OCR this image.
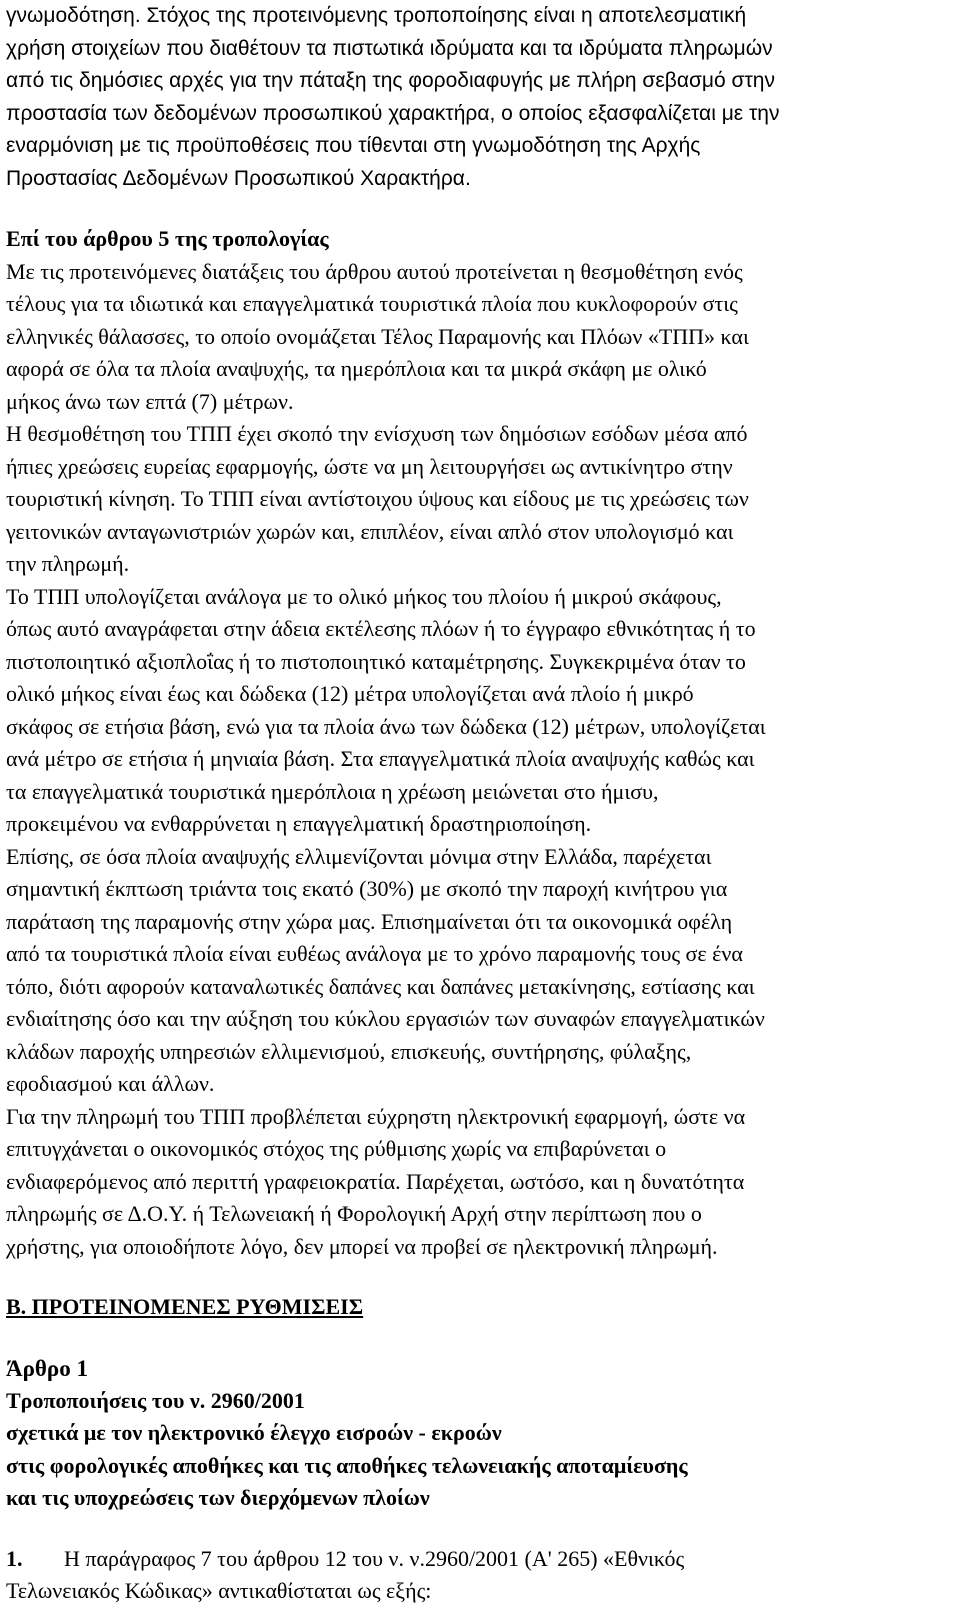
γνωμοδότηση. Στόχος της προτεινόμενης τροποποίησης είναι η αποτελεσματική
χρήση στοιχείων που διαθέτουν τα πιστωτικά ιδρύματα και τα ιδρύματα πληρωμών
από τις δημόσιες αρχές για την πάταξη της φοροδιαφυγής με πλήρη σεβασμό στην
προστασία των δεδομένων προσωπικού χαρακτήρα, ο οποίος εξασφαλίζεται με την
εναρμόνιση με τις προϋποθέσεις που τίθενται στη γνωμοδότηση της Αρχής
Προστασίας Δεδομένων Προσωπικού Χαρακτήρα.

Επί του άρθρου 5 της τροπολογίας

Με τις προτεινόμενες διατάξεις του άρθρου αυτού προτείνεται η θεσμοθέτηση ενός
τέλους για τα ιδιωτικά και επαγγελματικά τουριστικά πλοία που κυκλοφορούν στις
ελληνικές θάλασσες, το οποίο ονομάζεται Τέλος Παραμονής και Πλόων «ΤΠΠ» και
αφορά σε όλα τα πλοία αναψυχής, τα ημερόπλοια και τα μικρά σκάφη με ολικό
μήκος άνω των επτά (7) μέτρων.

Η θεσμοθέτηση του ΤΠΠ έχει σκοπό την ενίσχυση των δημόσιων εσόδων μέσα από
ήπιες χρεώσεις ευρείας εφαρμογής, ώστε να μη λειτουργήσει ως αντικίνητρο στην
τουριστική κίνηση. Το ΤΠΠ είναι αντίστοιχου ύψους και είδους με τις χρεώσεις των
γειτονικών ανταγωνιστριών χωρών και, επιπλέον, είναι απλό στον υπολογισμό και
την πληρωμή.

Το ΤΠΠ υπολογίζεται ανάλογα με το ολικό μήκος του πλοίου ή μικρού σκάφους,
όπως αυτό αναγράφεται στην άδεια εκτέλεσης πλόων ή το έγγραφο εθνικότητας ή το
πιστοποιητικό αξιοπλοΐας ή το πιστοποιητικό καταμέτρησης. Συγκεκριμένα όταν το
ολικό μήκος είναι έως και δώδεκα (12) μέτρα υπολογίζεται ανά πλοίο ή μικρό
σκάφος σε ετήσια βάση, ενώ για τα πλοία άνω των δώδεκα (12) μέτρων, υπολογίζεται
ανά μέτρο σε ετήσια ή μηνιαία βάση. Στα επαγγελματικά πλοία αναψυχής καθώς και
τα επαγγελματικά τουριστικά ημερόπλοια η χρέωση μειώνεται στο ήμισυ,
προκειμένου να ενθαρρύνεται η επαγγελματική δραστηριοποίηση.

Επίσης, σε όσα πλοία αναψυχής ελλιμενίζονται μόνιμα στην Ελλάδα, παρέχεται
σημαντική έκπτωση τριάντα τοις εκατό (30%) με σκοπό την παροχή κινήτρου για
παράταση της παραμονής στην χώρα μας. Επισημαίνεται ότι τα οικονομικά οφέλη
από τα τουριστικά πλοία είναι ευθέως ανάλογα με το χρόνο παραμονής τους σε ένα
τόπο, διότι αφορούν καταναλωτικές δαπάνες και δαπάνες μετακίνησης, εστίασης και
ενδιαίτησης όσο και την αύξηση του κύκλου εργασιών των συναφών επαγγελματικών
κλάδων παροχής υπηρεσιών ελλιμενισμού, επισκευής, συντήρησης, φύλαξης,
εφοδιασμού και άλλων.

Για την πληρωμή του ΤΠΠ προβλέπεται εύχρηστη ηλεκτρονική εφαρμογή, ώστε να
επιτυγχάνεται ο οικονομικός στόχος της ρύθμισης χωρίς να επιβαρύνεται ο
ενδιαφερόμενος από περιττή γραφειοκρατία. Παρέχεται, ωστόσο, και η δυνατότητα
πληρωμής σε Δ.Ο.Υ. ή Τελωνειακή ή Φορολογική Αρχή στην περίπτωση που ο
χρήστης, για οποιοδήποτε λόγο, δεν μπορεί να προβεί σε ηλεκτρονική πληρωμή.

Β. ΠΡΟΤΕΙΝΟΜΕΝΕΣ ΡΥΘΜΙΣΕΙΣ

Άρθρο 1

Τροποποιήσεις του ν. 2960/2001
σχετικά με τον ηλεκτρονικό έλεγχο εισροών - εκροών
στις φορολογικές αποθήκες και τις αποθήκες τελωνειακής αποταμίευσης
και τις υποχρεώσεις των διερχόμενων πλοίων

1. Η παράγραφος 7 του άρθρου 12 του ν. ν.2960/2001 (Α' 265) «Εθνικός

Τελωνειακός Κώδικας» αντικαθίσταται ως εξής:
